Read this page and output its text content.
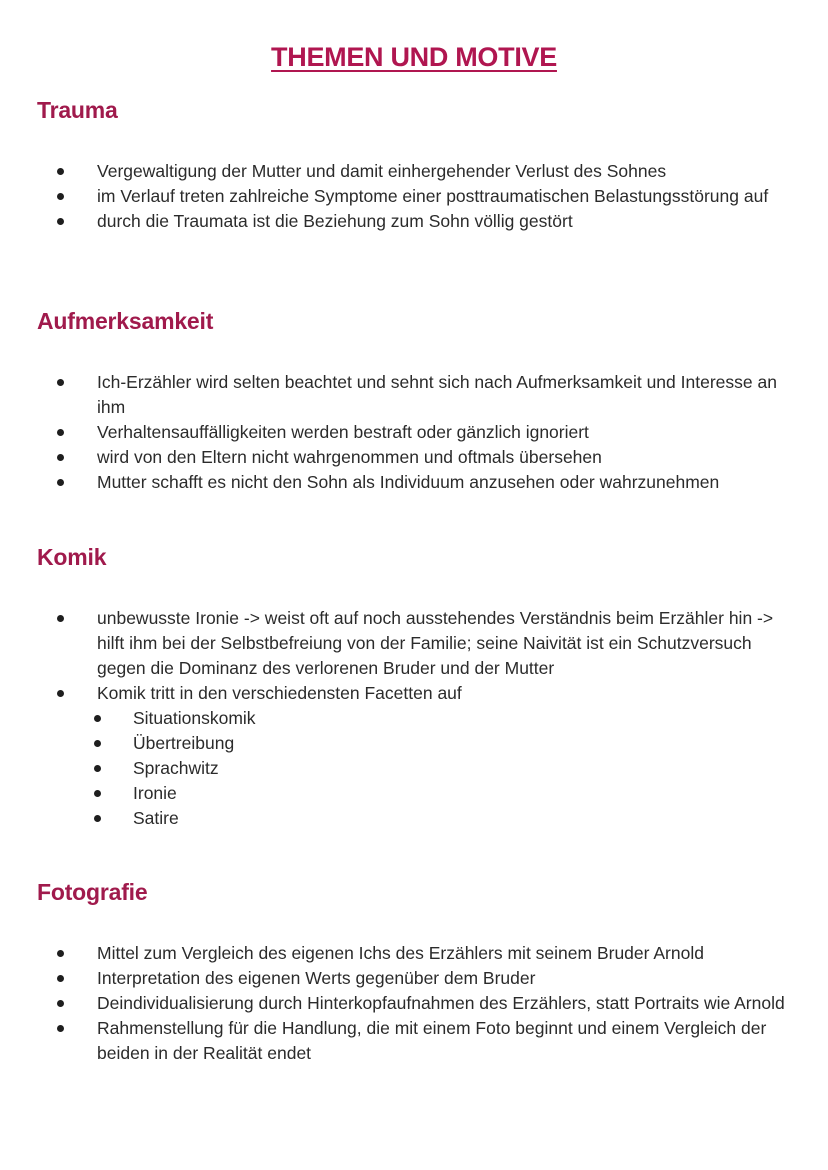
THEMEN UND MOTIVE
Trauma
Vergewaltigung der Mutter und damit einhergehender Verlust des Sohnes
im Verlauf treten zahlreiche Symptome einer posttraumatischen Belastungsstörung auf
durch die Traumata ist die Beziehung zum Sohn völlig gestört
Aufmerksamkeit
Ich-Erzähler wird selten beachtet und sehnt sich nach Aufmerksamkeit und Interesse an ihm
Verhaltensauffälligkeiten werden bestraft oder gänzlich ignoriert
wird von den Eltern nicht wahrgenommen und oftmals übersehen
Mutter schafft es nicht den Sohn als Individuum anzusehen oder wahrzunehmen
Komik
unbewusste Ironie -> weist oft auf noch ausstehendes Verständnis beim Erzähler hin -> hilft ihm bei der Selbstbefreiung von der Familie; seine Naivität ist ein Schutzversuch gegen die Dominanz des verlorenen Bruder und der Mutter
Komik tritt in den verschiedensten Facetten auf
Situationskomik
Übertreibung
Sprachwitz
Ironie
Satire
Fotografie
Mittel zum Vergleich des eigenen Ichs des Erzählers mit seinem Bruder Arnold
Interpretation des eigenen Werts gegenüber dem Bruder
Deindividualisierung durch Hinterkopfaufnahmen des Erzählers, statt Portraits wie Arnold
Rahmenstellung für die Handlung, die mit einem Foto beginnt und einem Vergleich der beiden in der Realität endet
